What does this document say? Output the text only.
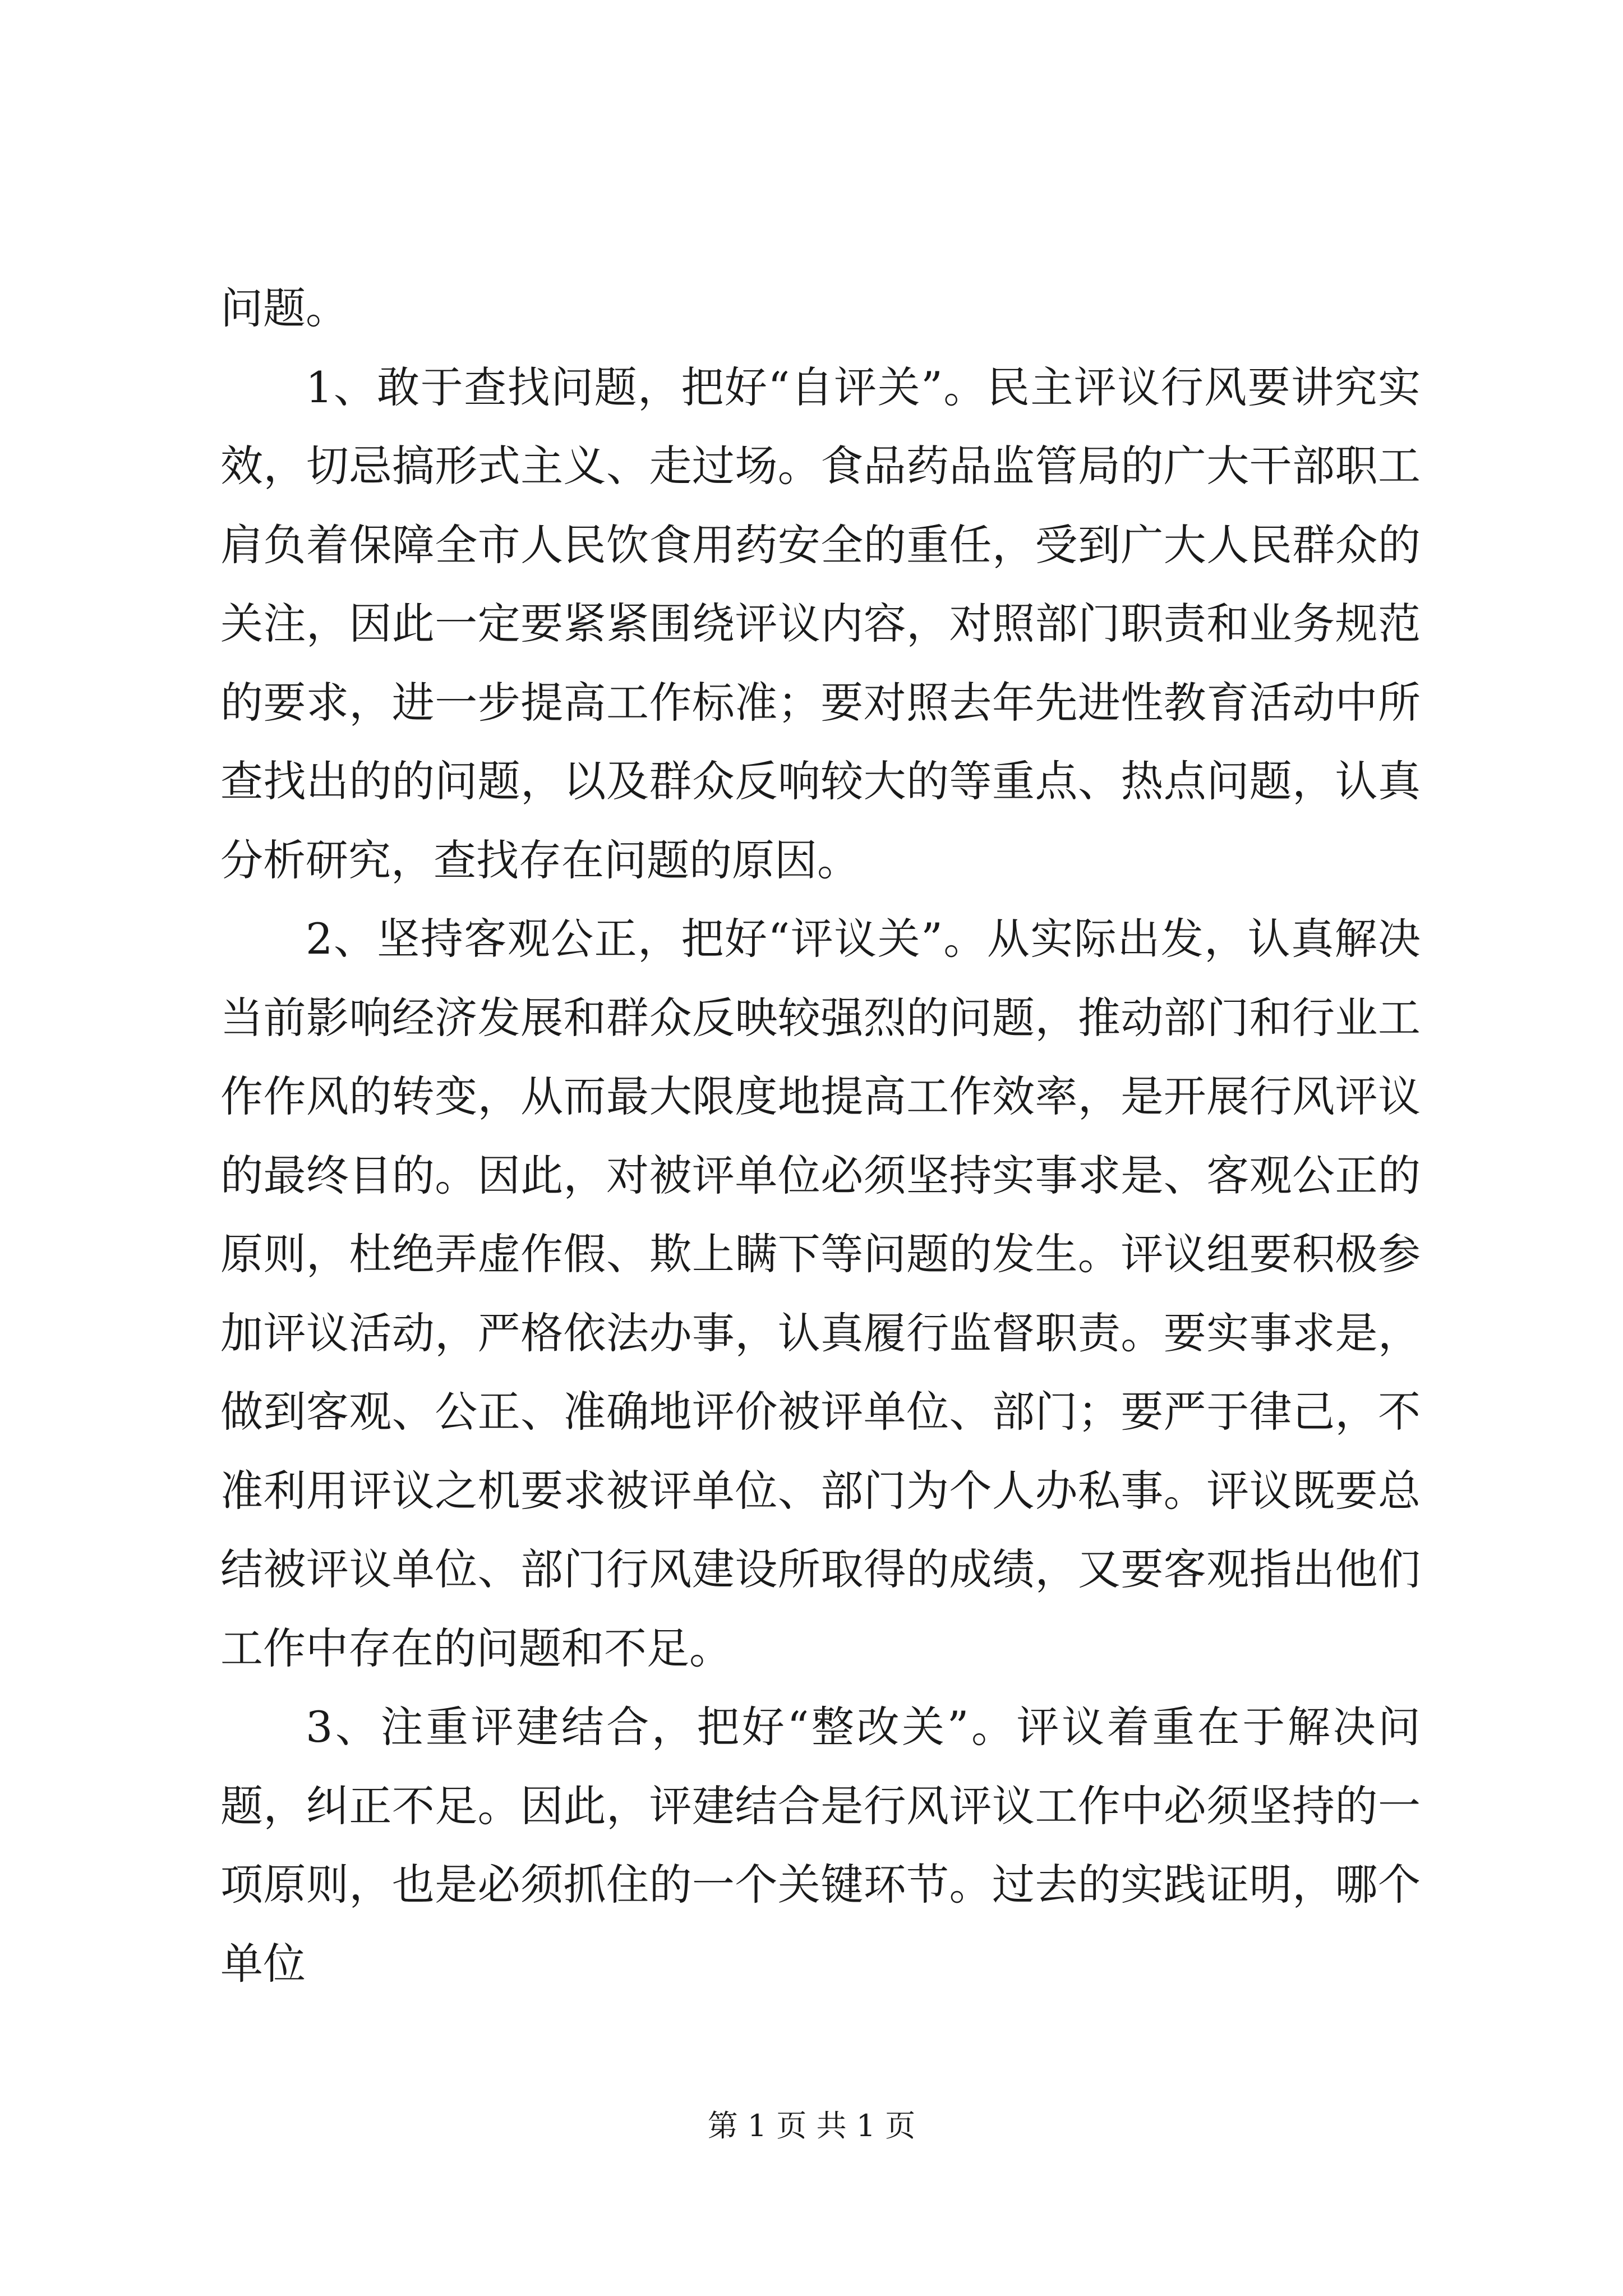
问题。

1、敢于查找问题，把好“自评关”。民主评议行风要讲究实效，切忌搞形式主义、走过场。食品药品监管局的广大干部职工肩负着保障全市人民饮食用药安全的重任，受到广大人民群众的关注，因此一定要紧紧围绕评议内容，对照部门职责和业务规范的要求，进一步提高工作标准；要对照去年先进性教育活动中所查找出的的问题，以及群众反响较大的等重点、热点问题，认真分析研究，查找存在问题的原因。

2、坚持客观公正，把好“评议关”。从实际出发，认真解决当前影响经济发展和群众反映较强烈的问题，推动部门和行业工作作风的转变，从而最大限度地提高工作效率，是开展行风评议的最终目的。因此，对被评单位必须坚持实事求是、客观公正的原则，杜绝弄虚作假、欺上瞒下等问题的发生。评议组要积极参加评议活动，严格依法办事，认真履行监督职责。要实事求是，做到客观、公正、准确地评价被评单位、部门；要严于律己，不准利用评议之机要求被评单位、部门为个人办私事。评议既要总结被评议单位、部门行风建设所取得的成绩，又要客观指出他们工作中存在的问题和不足。

3、注重评建结合，把好“整改关”。评议着重在于解决问题，纠正不足。因此，评建结合是行风评议工作中必须坚持的一项原则，也是必须抓住的一个关键环节。过去的实践证明，哪个单位

第 1 页 共 1 页
